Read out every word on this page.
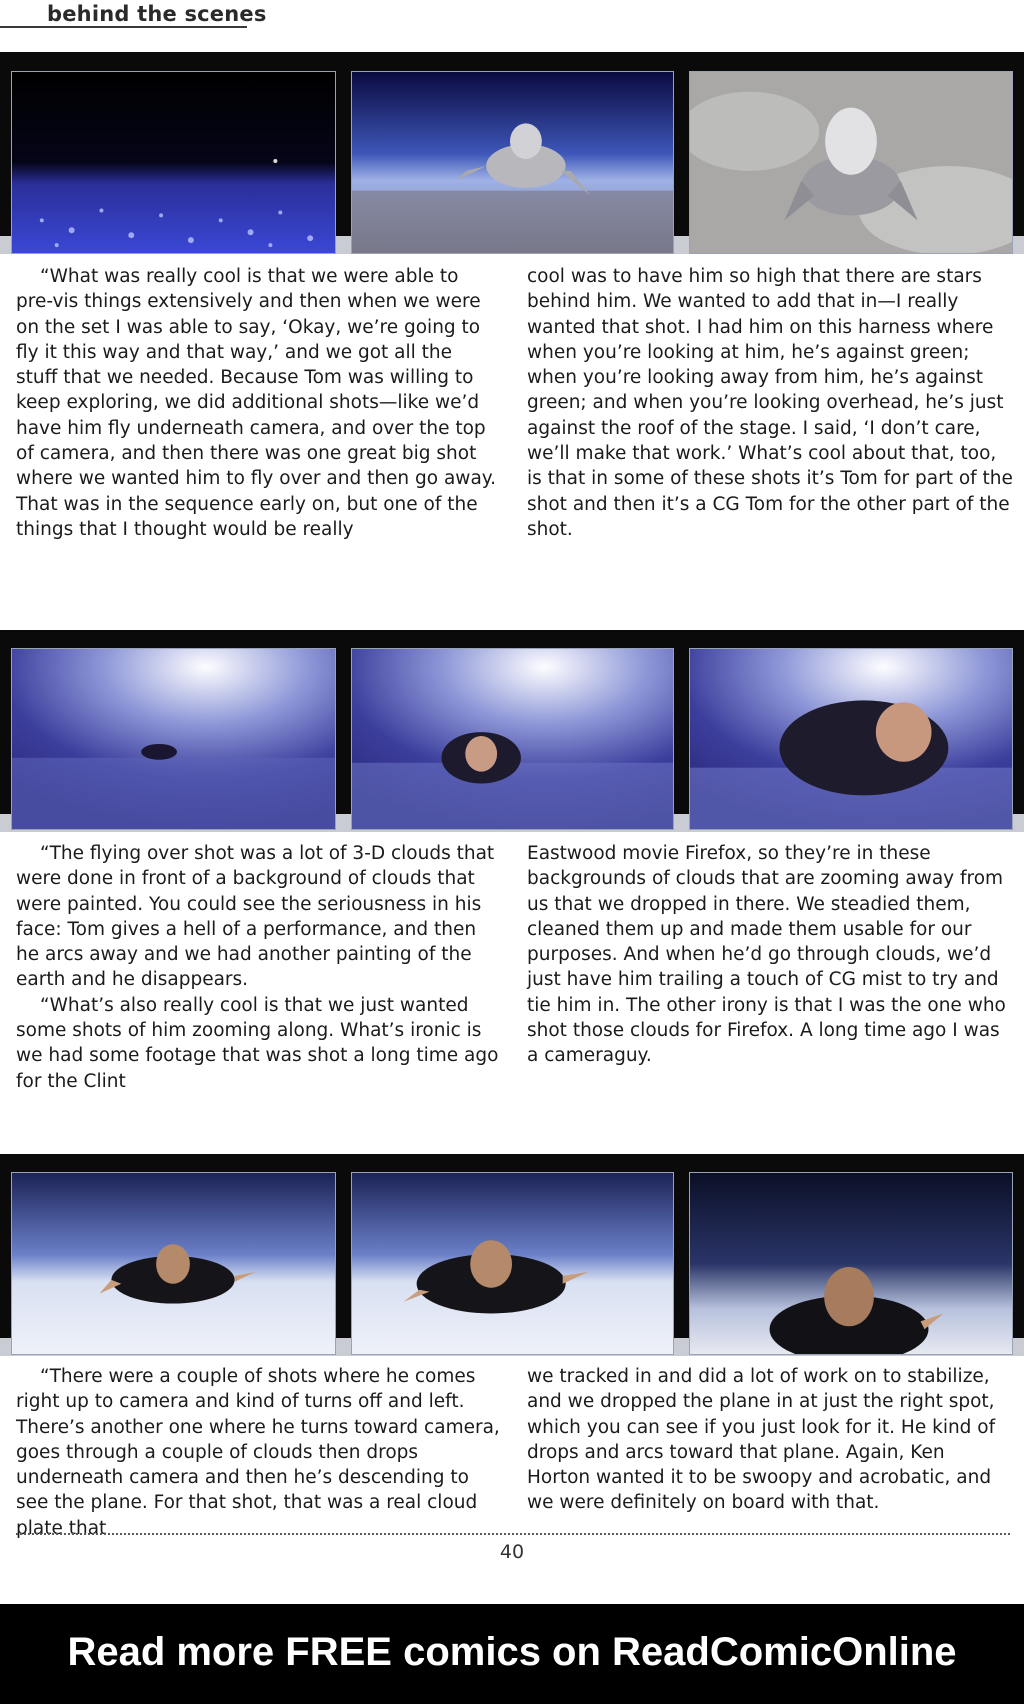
behind the scenes

“What was really cool is that we were able to pre-vis things extensively and then when we were on the set I was able to say, ‘Okay, we’re going to fly it this way and that way,’ and we got all the stuff that we needed. Because Tom was willing to keep exploring, we did additional shots—like we’d have him fly underneath camera, and over the top of camera, and then there was one great big shot where we wanted him to fly over and then go away. That was in the sequence early on, but one of the things that I thought would be really

cool was to have him so high that there are stars behind him. We wanted to add that in—I really wanted that shot. I had him on this harness where when you’re looking at him, he’s against green; when you’re looking away from him, he’s against green; and when you’re looking overhead, he’s just against the roof of the stage. I said, ‘I don’t care, we’ll make that work.’ What’s cool about that, too, is that in some of these shots it’s Tom for part of the shot and then it’s a CG Tom for the other part of the shot.

“The flying over shot was a lot of 3-D clouds that were done in front of a background of clouds that were painted. You could see the seriousness in his face: Tom gives a hell of a performance, and then he arcs away and we had another painting of the earth and he disappears.

“What’s also really cool is that we just wanted some shots of him zooming along. What’s ironic is we had some footage that was shot a long time ago for the Clint

Eastwood movie Firefox, so they’re in these backgrounds of clouds that are zooming away from us that we dropped in there. We steadied them, cleaned them up and made them usable for our purposes. And when he’d go through clouds, we’d just have him trailing a touch of CG mist to try and tie him in. The other irony is that I was the one who shot those clouds for Firefox. A long time ago I was a cameraguy.

“There were a couple of shots where he comes right up to camera and kind of turns off and left. There’s another one where he turns toward camera, goes through a couple of clouds then drops underneath camera and then he’s descending to see the plane. For that shot, that was a real cloud plate that

we tracked in and did a lot of work on to stabilize, and we dropped the plane in at just the right spot, which you can see if you just look for it. He kind of drops and arcs toward that plane. Again, Ken Horton wanted it to be swoopy and acrobatic, and we were definitely on board with that.

40
Read more FREE comics on ReadComicOnline
